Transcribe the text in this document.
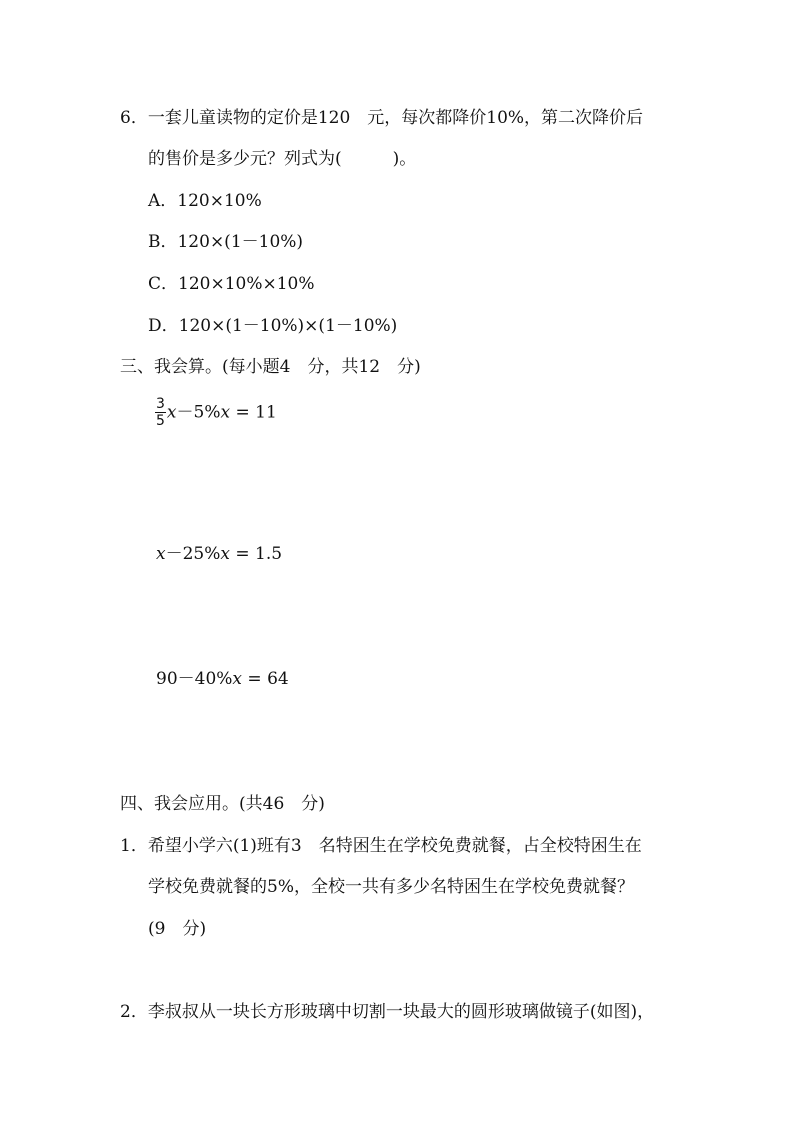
6．一套儿童读物的定价是120　元，每次都降价10%，第二次降价后
的售价是多少元？列式为(　　　)。
A．120×10%
B．120×(1－10%)
C．120×10%×10%
D．120×(1－10%)×(1－10%)
三、我会算。(每小题4　分，共12　分)
$\frac{3}{5} x-5\%x = 11$
x－25%x = 1.5
90－40%x = 64
四、我会应用。(共46　分)
1．希望小学六(1)班有3　名特困生在学校免费就餐，占全校特困生在
学校免费就餐的5%，全校一共有多少名特困生在学校免费就餐？
(9　分)
2．李叔叔从一块长方形玻璃中切割一块最大的圆形玻璃做镜子(如图)，
